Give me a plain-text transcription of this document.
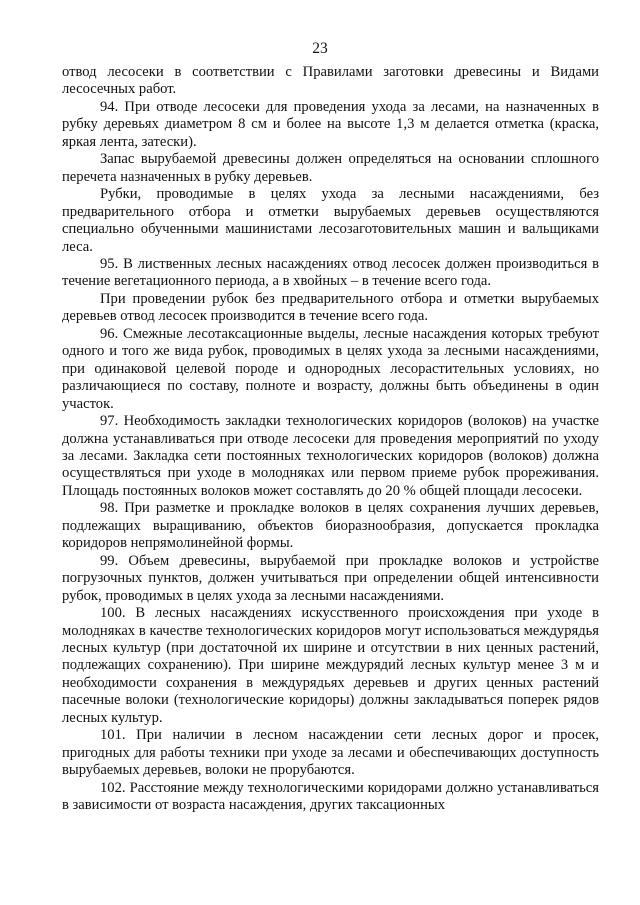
23

отвод лесосеки в соответствии с Правилами заготовки древесины и Видами лесосечных работ.

94. При отводе лесосеки для проведения ухода за лесами, на назначенных в рубку деревьях диаметром 8 см и более на высоте 1,3 м делается отметка (краска, яркая лента, затески).

Запас вырубаемой древесины должен определяться на основании сплошного перечета назначенных в рубку деревьев.

Рубки, проводимые в целях ухода за лесными насаждениями, без предварительного отбора и отметки вырубаемых деревьев осуществляются специально обученными машинистами лесозаготовительных машин и вальщиками леса.

95. В лиственных лесных насаждениях отвод лесосек должен производиться в течение вегетационного периода, а в хвойных – в течение всего года.

При проведении рубок без предварительного отбора и отметки вырубаемых деревьев отвод лесосек производится в течение всего года.

96. Смежные лесотаксационные выделы, лесные насаждения которых требуют одного и того же вида рубок, проводимых в целях ухода за лесными насаждениями, при одинаковой целевой породе и однородных лесорастительных условиях, но различающиеся по составу, полноте и возрасту, должны быть объединены в один участок.

97. Необходимость закладки технологических коридоров (волоков) на участке должна устанавливаться при отводе лесосеки для проведения мероприятий по уходу за лесами. Закладка сети постоянных технологических коридоров (волоков) должна осуществляться при уходе в молодняках или первом приеме рубок прореживания. Площадь постоянных волоков может составлять до 20 % общей площади лесосеки.

98. При разметке и прокладке волоков в целях сохранения лучших деревьев, подлежащих выращиванию, объектов биоразнообразия, допускается прокладка коридоров непрямолинейной формы.

99. Объем древесины, вырубаемой при прокладке волоков и устройстве погрузочных пунктов, должен учитываться при определении общей интенсивности рубок, проводимых в целях ухода за лесными насаждениями.

100. В лесных насаждениях искусственного происхождения при уходе в молодняках в качестве технологических коридоров могут использоваться междурядья лесных культур (при достаточной их ширине и отсутствии в них ценных растений, подлежащих сохранению). При ширине междурядий лесных культур менее 3 м и необходимости сохранения в междурядьях деревьев и других ценных растений пасечные волоки (технологические коридоры) должны закладываться поперек рядов лесных культур.

101. При наличии в лесном насаждении сети лесных дорог и просек, пригодных для работы техники при уходе за лесами и обеспечивающих доступность вырубаемых деревьев, волоки не прорубаются.

102. Расстояние между технологическими коридорами должно устанавливаться в зависимости от возраста насаждения, других таксационных
